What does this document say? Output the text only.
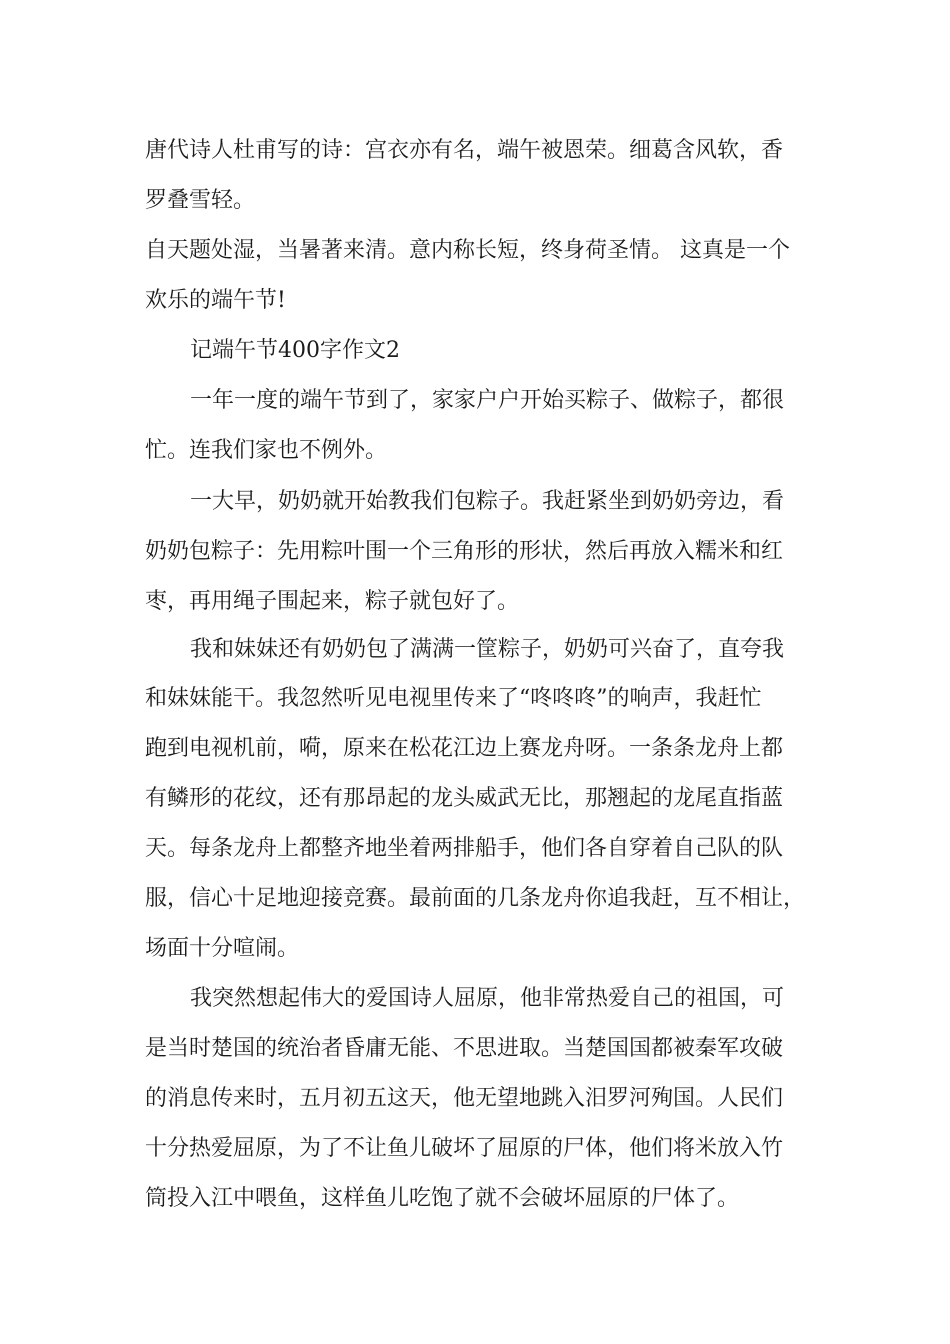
唐代诗人杜甫写的诗：宫衣亦有名，端午被恩荣。细葛含风软，香

罗叠雪轻。

自天题处湿，当暑著来清。意内称长短，终身荷圣情。 这真是一个

欢乐的端午节!

记端午节400字作文2

一年一度的端午节到了，家家户户开始买粽子、做粽子，都很

忙。连我们家也不例外。

一大早，奶奶就开始教我们包粽子。我赶紧坐到奶奶旁边，看

奶奶包粽子：先用粽叶围一个三角形的形状，然后再放入糯米和红

枣，再用绳子围起来，粽子就包好了。

我和妹妹还有奶奶包了满满一筐粽子，奶奶可兴奋了，直夸我

和妹妹能干。我忽然听见电视里传来了“咚咚咚”的响声，我赶忙

跑到电视机前，嗬，原来在松花江边上赛龙舟呀。一条条龙舟上都

有鳞形的花纹，还有那昂起的龙头威武无比，那翘起的龙尾直指蓝

天。每条龙舟上都整齐地坐着两排船手，他们各自穿着自己队的队

服，信心十足地迎接竞赛。最前面的几条龙舟你追我赶，互不相让，

场面十分喧闹。

我突然想起伟大的爱国诗人屈原，他非常热爱自己的祖国，可

是当时楚国的统治者昏庸无能、不思进取。当楚国国都被秦军攻破

的消息传来时，五月初五这天，他无望地跳入汨罗河殉国。人民们

十分热爱屈原，为了不让鱼儿破坏了屈原的尸体，他们将米放入竹

筒投入江中喂鱼，这样鱼儿吃饱了就不会破坏屈原的尸体了。
